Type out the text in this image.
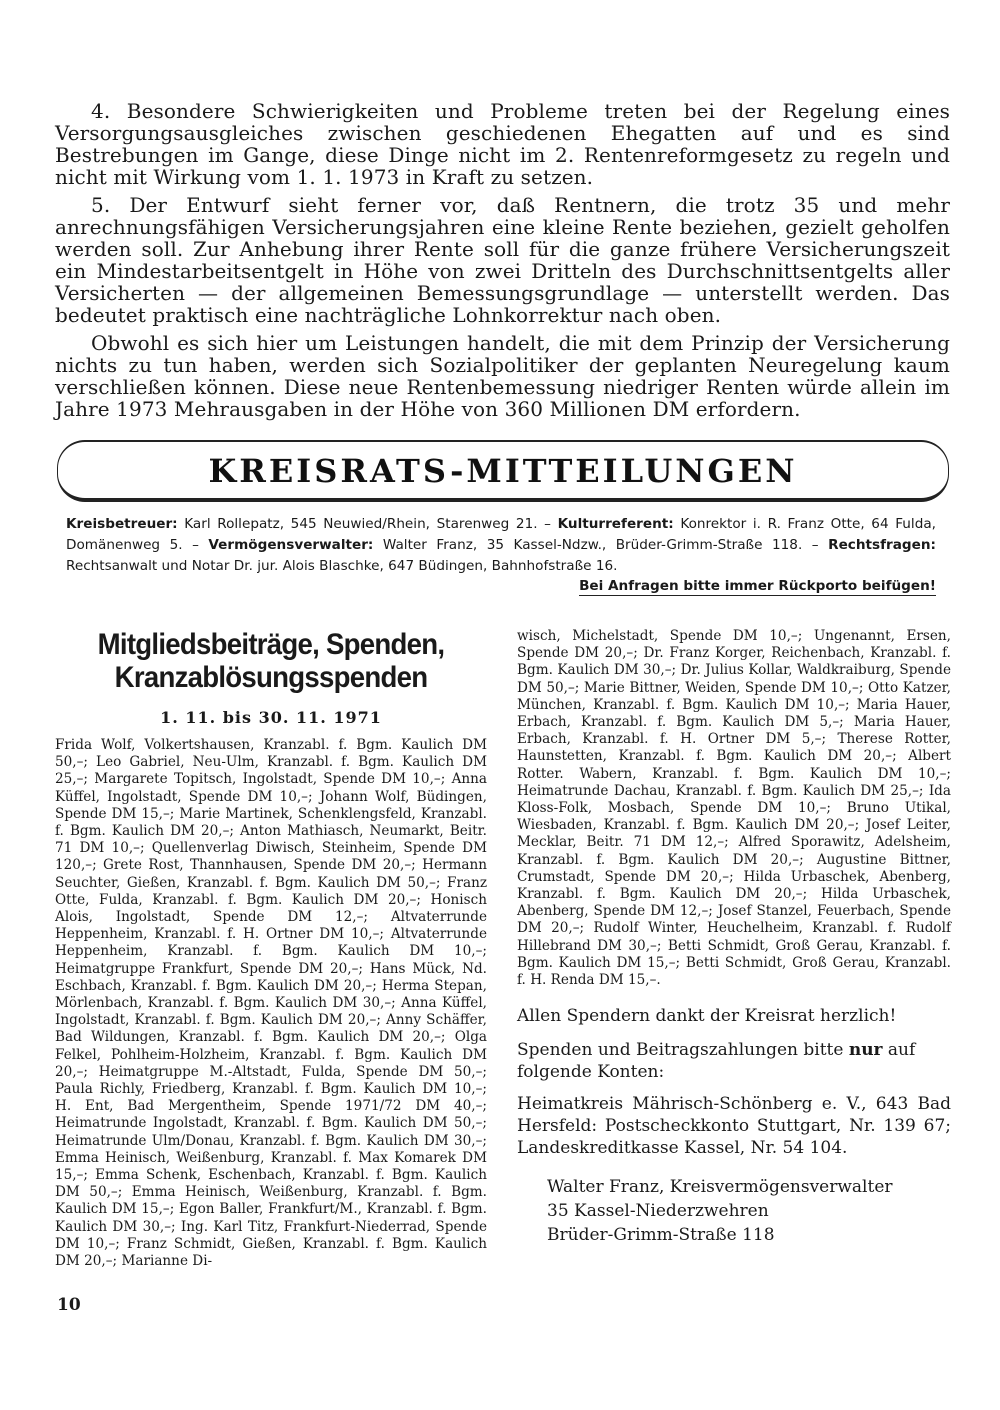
4. Besondere Schwierigkeiten und Probleme treten bei der Regelung eines Versorgungsausgleiches zwischen geschiedenen Ehegatten auf und es sind Bestrebungen im Gange, diese Dinge nicht im 2. Rentenreformgesetz zu regeln und nicht mit Wirkung vom 1. 1. 1973 in Kraft zu setzen.

5. Der Entwurf sieht ferner vor, daß Rentnern, die trotz 35 und mehr anrechnungsfähigen Versicherungsjahren eine kleine Rente beziehen, gezielt geholfen werden soll. Zur Anhebung ihrer Rente soll für die ganze frühere Versicherungszeit ein Mindestarbeitsentgelt in Höhe von zwei Dritteln des Durchschnittsentgelts aller Versicherten — der allgemeinen Bemessungsgrundlage — unterstellt werden. Das bedeutet praktisch eine nachträgliche Lohnkorrektur nach oben.

Obwohl es sich hier um Leistungen handelt, die mit dem Prinzip der Versicherung nichts zu tun haben, werden sich Sozialpolitiker der geplanten Neuregelung kaum verschließen können. Diese neue Rentenbemessung niedriger Renten würde allein im Jahre 1973 Mehrausgaben in der Höhe von 360 Millionen DM erfordern.

KREISRATS-MITTEILUNGEN
Kreisbetreuer: Karl Rollepatz, 545 Neuwied/Rhein, Starenweg 21. – Kulturreferent: Konrektor i. R. Franz Otte, 64 Fulda, Domänenweg 5. – Vermögensverwalter: Walter Franz, 35 Kassel-Ndzw., Brüder-Grimm-Straße 118. – Rechtsfragen: Rechtsanwalt und Notar Dr. jur. Alois Blaschke, 647 Büdingen, Bahnhofstraße 16.
Bei Anfragen bitte immer Rückporto beifügen!
Mitgliedsbeiträge, Spenden,
Kranzablösungsspenden
1. 11. bis 30. 11. 1971

Frida Wolf, Volkertshausen, Kranzabl. f. Bgm. Kaulich DM 50,–; Leo Gabriel, Neu-Ulm, Kranzabl. f. Bgm. Kaulich DM 25,–; Margarete Topitsch, Ingolstadt, Spende DM 10,–; Anna Küffel, Ingolstadt, Spende DM 10,–; Johann Wolf, Büdingen, Spende DM 15,–; Marie Martinek, Schenklengsfeld, Kranzabl. f. Bgm. Kaulich DM 20,–; Anton Mathiasch, Neumarkt, Beitr. 71 DM 10,–; Quellenverlag Diwisch, Steinheim, Spende DM 120,–; Grete Rost, Thannhausen, Spende DM 20,–; Hermann Seuchter, Gießen, Kranzabl. f. Bgm. Kaulich DM 50,–; Franz Otte, Fulda, Kranzabl. f. Bgm. Kaulich DM 20,–; Honisch Alois, Ingolstadt, Spende DM 12,–; Altvaterrunde Heppenheim, Kranzabl. f. H. Ortner DM 10,–; Altvaterrunde Heppenheim, Kranzabl. f. Bgm. Kaulich DM 10,–; Heimatgruppe Frankfurt, Spende DM 20,–; Hans Mück, Nd. Eschbach, Kranzabl. f. Bgm. Kaulich DM 20,–; Herma Stepan, Mörlenbach, Kranzabl. f. Bgm. Kaulich DM 30,–; Anna Küffel, Ingolstadt, Kranzabl. f. Bgm. Kaulich DM 20,–; Anny Schäffer, Bad Wildungen, Kranzabl. f. Bgm. Kaulich DM 20,–; Olga Felkel, Pohlheim-Holzheim, Kranzabl. f. Bgm. Kaulich DM 20,–; Heimatgruppe M.-Altstadt, Fulda, Spende DM 50,–; Paula Richly, Friedberg, Kranzabl. f. Bgm. Kaulich DM 10,–; H. Ent, Bad Mergentheim, Spende 1971/72 DM 40,–; Heimatrunde Ingolstadt, Kranzabl. f. Bgm. Kaulich DM 50,–; Heimatrunde Ulm/Donau, Kranzabl. f. Bgm. Kaulich DM 30,–; Emma Heinisch, Weißenburg, Kranzabl. f. Max Komarek DM 15,–; Emma Schenk, Eschenbach, Kranzabl. f. Bgm. Kaulich DM 50,–; Emma Heinisch, Weißenburg, Kranzabl. f. Bgm. Kaulich DM 15,–; Egon Baller, Frankfurt/M., Kranzabl. f. Bgm. Kaulich DM 30,–; Ing. Karl Titz, Frankfurt-Niederrad, Spende DM 10,–; Franz Schmidt, Gießen, Kranzabl. f. Bgm. Kaulich DM 20,–; Marianne Di-

wisch, Michelstadt, Spende DM 10,–; Ungenannt, Ersen, Spende DM 20,–; Dr. Franz Korger, Reichenbach, Kranzabl. f. Bgm. Kaulich DM 30,–; Dr. Julius Kollar, Waldkraiburg, Spende DM 50,–; Marie Bittner, Weiden, Spende DM 10,–; Otto Katzer, München, Kranzabl. f. Bgm. Kaulich DM 10,–; Maria Hauer, Erbach, Kranzabl. f. Bgm. Kaulich DM 5,–; Maria Hauer, Erbach, Kranzabl. f. H. Ortner DM 5,–; Therese Rotter, Haunstetten, Kranzabl. f. Bgm. Kaulich DM 20,–; Albert Rotter. Wabern, Kranzabl. f. Bgm. Kaulich DM 10,–; Heimatrunde Dachau, Kranzabl. f. Bgm. Kaulich DM 25,–; Ida Kloss-Folk, Mosbach, Spende DM 10,–; Bruno Utikal, Wiesbaden, Kranzabl. f. Bgm. Kaulich DM 20,–; Josef Leiter, Mecklar, Beitr. 71 DM 12,–; Alfred Sporawitz, Adelsheim, Kranzabl. f. Bgm. Kaulich DM 20,–; Augustine Bittner, Crumstadt, Spende DM 20,–; Hilda Urbaschek, Abenberg, Kranzabl. f. Bgm. Kaulich DM 20,–; Hilda Urbaschek, Abenberg, Spende DM 12,–; Josef Stanzel, Feuerbach, Spende DM 20,–; Rudolf Winter, Heuchelheim, Kranzabl. f. Rudolf Hillebrand DM 30,–; Betti Schmidt, Groß Gerau, Kranzabl. f. Bgm. Kaulich DM 15,–; Betti Schmidt, Groß Gerau, Kranzabl. f. H. Renda DM 15,–.

Allen Spendern dankt der Kreisrat herzlich!

Spenden und Beitragszahlungen bitte nur auf folgende Konten:

Heimatkreis Mährisch-Schönberg e. V., 643 Bad Hersfeld: Postscheckkonto Stuttgart, Nr. 139 67; Landeskreditkasse Kassel, Nr. 54 104.

Walter Franz, Kreisvermögensverwalter
35 Kassel-Niederzwehren
Brüder-Grimm-Straße 118
10
